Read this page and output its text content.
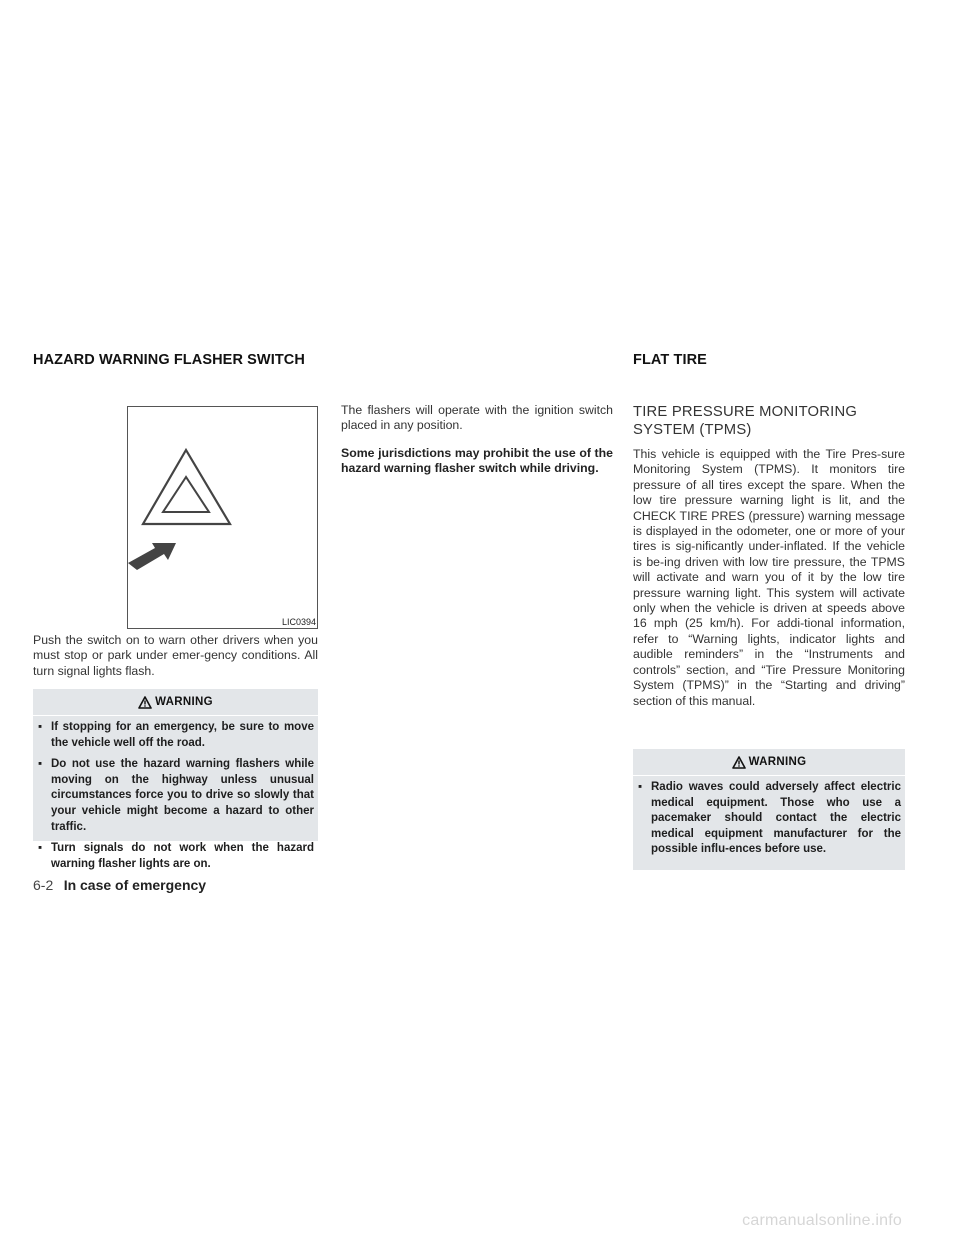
HAZARD WARNING FLASHER SWITCH	FLAT TIRE
LIC0394
Push the switch on to warn other drivers when you must stop or park under emer-gency conditions. All turn signal lights flash.
WARNING
▪ If stopping for an emergency, be sure to move the vehicle well off the road.
▪ Do not use the hazard warning flashers while moving on the highway unless unusual circumstances force you to drive so slowly that your vehicle might become a hazard to other traffic.
▪ Turn signals do not work when the hazard warning flasher lights are on.
The flashers will operate with the ignition switch placed in any position.
Some jurisdictions may prohibit the use of the hazard warning flasher switch while driving.
TIRE PRESSURE MONITORING SYSTEM (TPMS)
This vehicle is equipped with the Tire Pres-sure Monitoring System (TPMS). It monitors tire pressure of all tires except the spare. When the low tire pressure warning light is lit, and the CHECK TIRE PRES (pressure) warning message is displayed in the odometer, one or more of your tires is sig-nificantly under-inflated. If the vehicle is be-ing driven with low tire pressure, the TPMS will activate and warn you of it by the low tire pressure warning light. This system will activate only when the vehicle is driven at speeds above 16 mph (25 km/h). For addi-tional information, refer to “Warning lights, indicator lights and audible reminders” in the “Instruments and controls” section, and “Tire Pressure Monitoring System (TPMS)” in the “Starting and driving” section of this manual.
WARNING
▪ Radio waves could adversely affect electric medical equipment. Those who use a pacemaker should contact the electric medical equipment manufacturer for the possible influ-ences before use.
6-2 In case of emergency
carmanualsonline.info
